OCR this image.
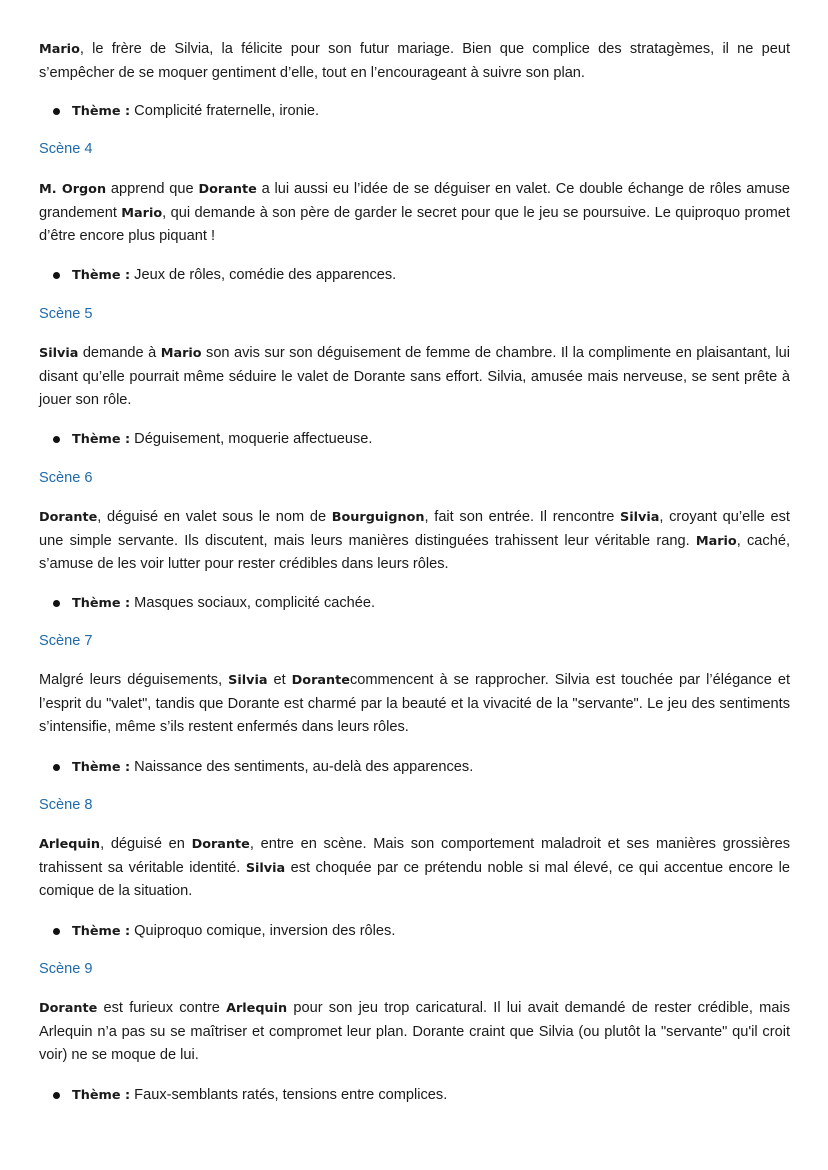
Mario, le frère de Silvia, la félicite pour son futur mariage. Bien que complice des stratagèmes, il ne peut s’empêcher de se moquer gentiment d’elle, tout en l’encourageant à suivre son plan.

Thème : Complicité fraternelle, ironie.

Scène 4

M. Orgon apprend que Dorante a lui aussi eu l’idée de se déguiser en valet. Ce double échange de rôles amuse grandement Mario, qui demande à son père de garder le secret pour que le jeu se poursuive. Le quiproquo promet d’être encore plus piquant !

Thème : Jeux de rôles, comédie des apparences.

Scène 5

Silvia demande à Mario son avis sur son déguisement de femme de chambre. Il la complimente en plaisantant, lui disant qu’elle pourrait même séduire le valet de Dorante sans effort. Silvia, amusée mais nerveuse, se sent prête à jouer son rôle.

Thème : Déguisement, moquerie affectueuse.

Scène 6

Dorante, déguisé en valet sous le nom de Bourguignon, fait son entrée. Il rencontre Silvia, croyant qu’elle est une simple servante. Ils discutent, mais leurs manières distinguées trahissent leur véritable rang. Mario, caché, s’amuse de les voir lutter pour rester crédibles dans leurs rôles.

Thème : Masques sociaux, complicité cachée.

Scène 7

Malgré leurs déguisements, Silvia et Dorantecommencent à se rapprocher. Silvia est touchée par l’élégance et l’esprit du "valet", tandis que Dorante est charmé par la beauté et la vivacité de la "servante". Le jeu des sentiments s’intensifie, même s’ils restent enfermés dans leurs rôles.

Thème : Naissance des sentiments, au-delà des apparences.

Scène 8

Arlequin, déguisé en Dorante, entre en scène. Mais son comportement maladroit et ses manières grossières trahissent sa véritable identité. Silvia est choquée par ce prétendu noble si mal élevé, ce qui accentue encore le comique de la situation.

Thème : Quiproquo comique, inversion des rôles.

Scène 9

Dorante est furieux contre Arlequin pour son jeu trop caricatural. Il lui avait demandé de rester crédible, mais Arlequin n’a pas su se maîtriser et compromet leur plan. Dorante craint que Silvia (ou plutôt la "servante" qu'il croit voir) ne se moque de lui.

Thème : Faux-semblants ratés, tensions entre complices.
